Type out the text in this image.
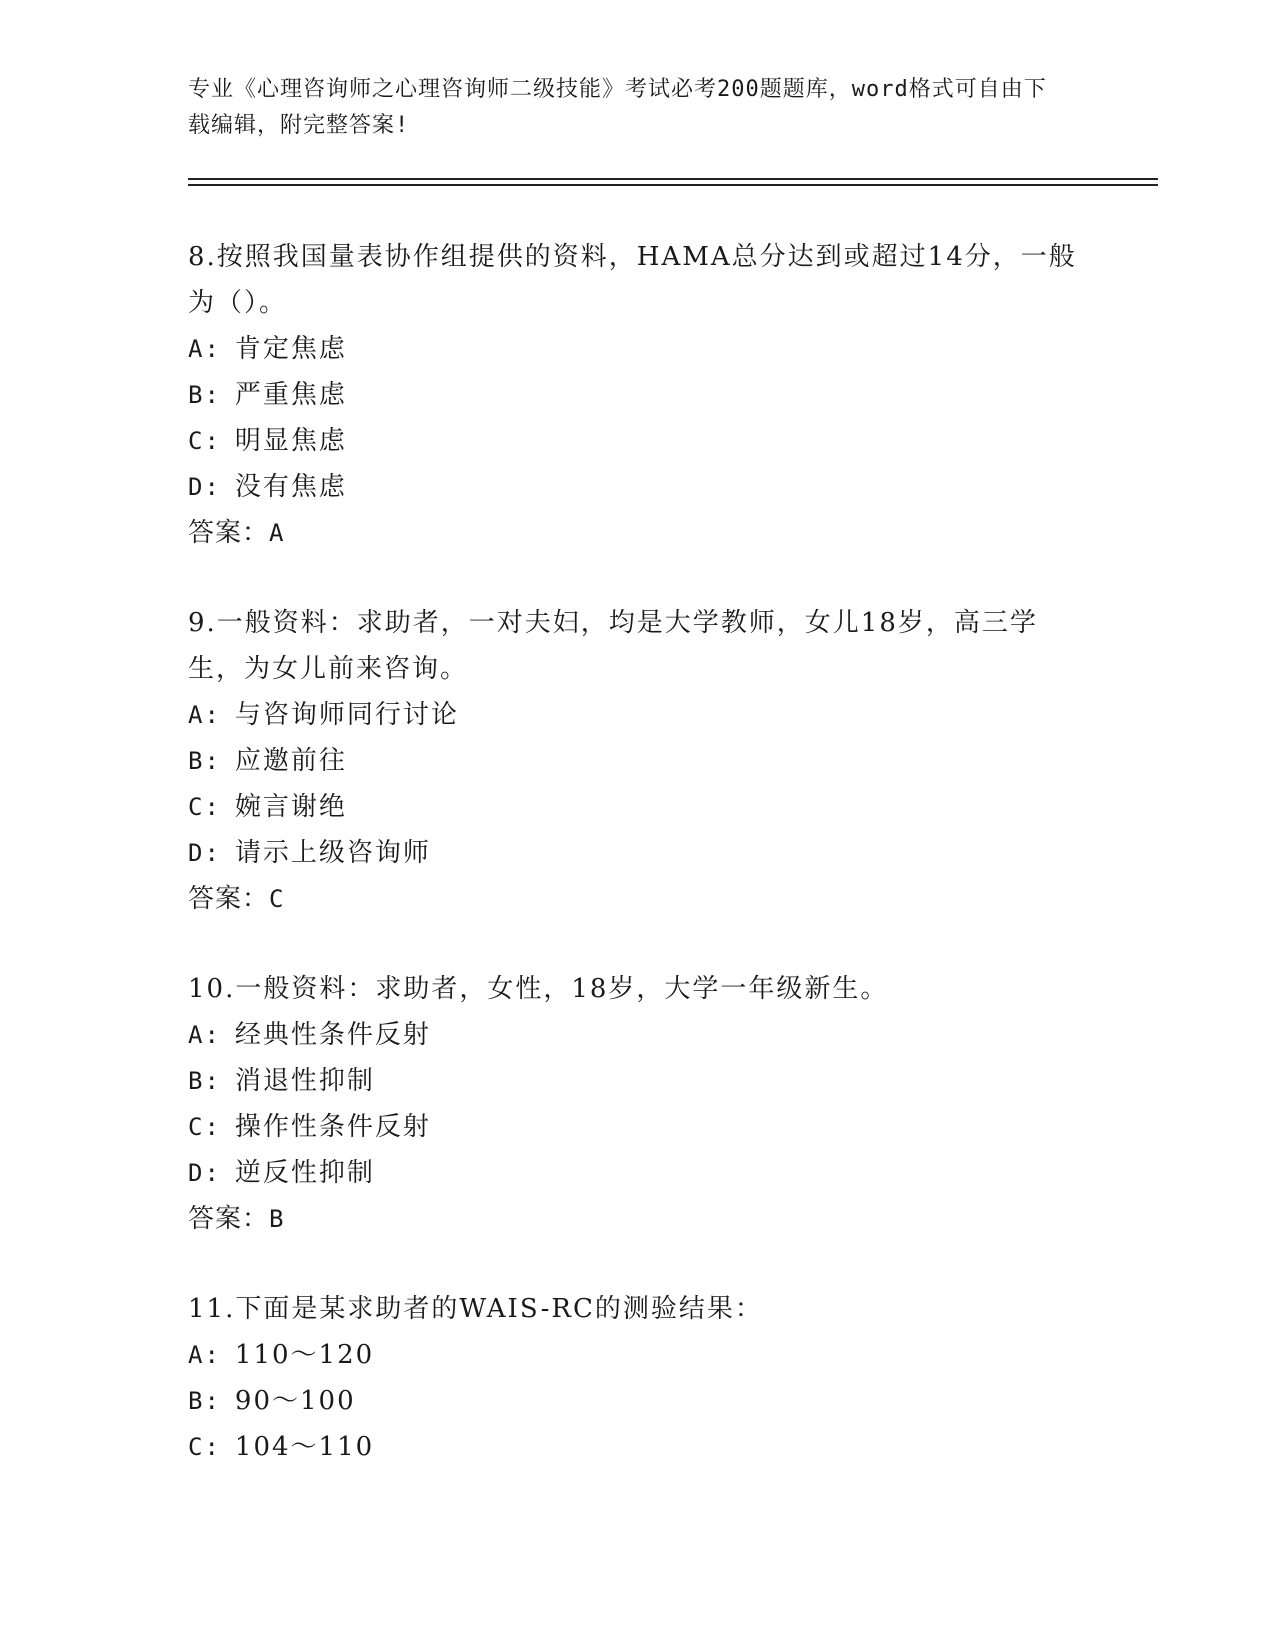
专业《心理咨询师之心理咨询师二级技能》考试必考200题题库，word格式可自由下载编辑，附完整答案!

8.按照我国量表协作组提供的资料，HAMA总分达到或超过14分，一般为（）。

A: 肯定焦虑

B: 严重焦虑

C: 明显焦虑

D: 没有焦虑

答案：A

9.一般资料：求助者，一对夫妇，均是大学教师，女儿18岁，高三学生，为女儿前来咨询。

A: 与咨询师同行讨论

B: 应邀前往

C: 婉言谢绝

D: 请示上级咨询师

答案：C

10.一般资料：求助者，女性，18岁，大学一年级新生。

A: 经典性条件反射

B: 消退性抑制

C: 操作性条件反射

D: 逆反性抑制

答案：B

11.下面是某求助者的WAIS-RC的测验结果：

A: 110～120

B: 90～100

C: 104～110
